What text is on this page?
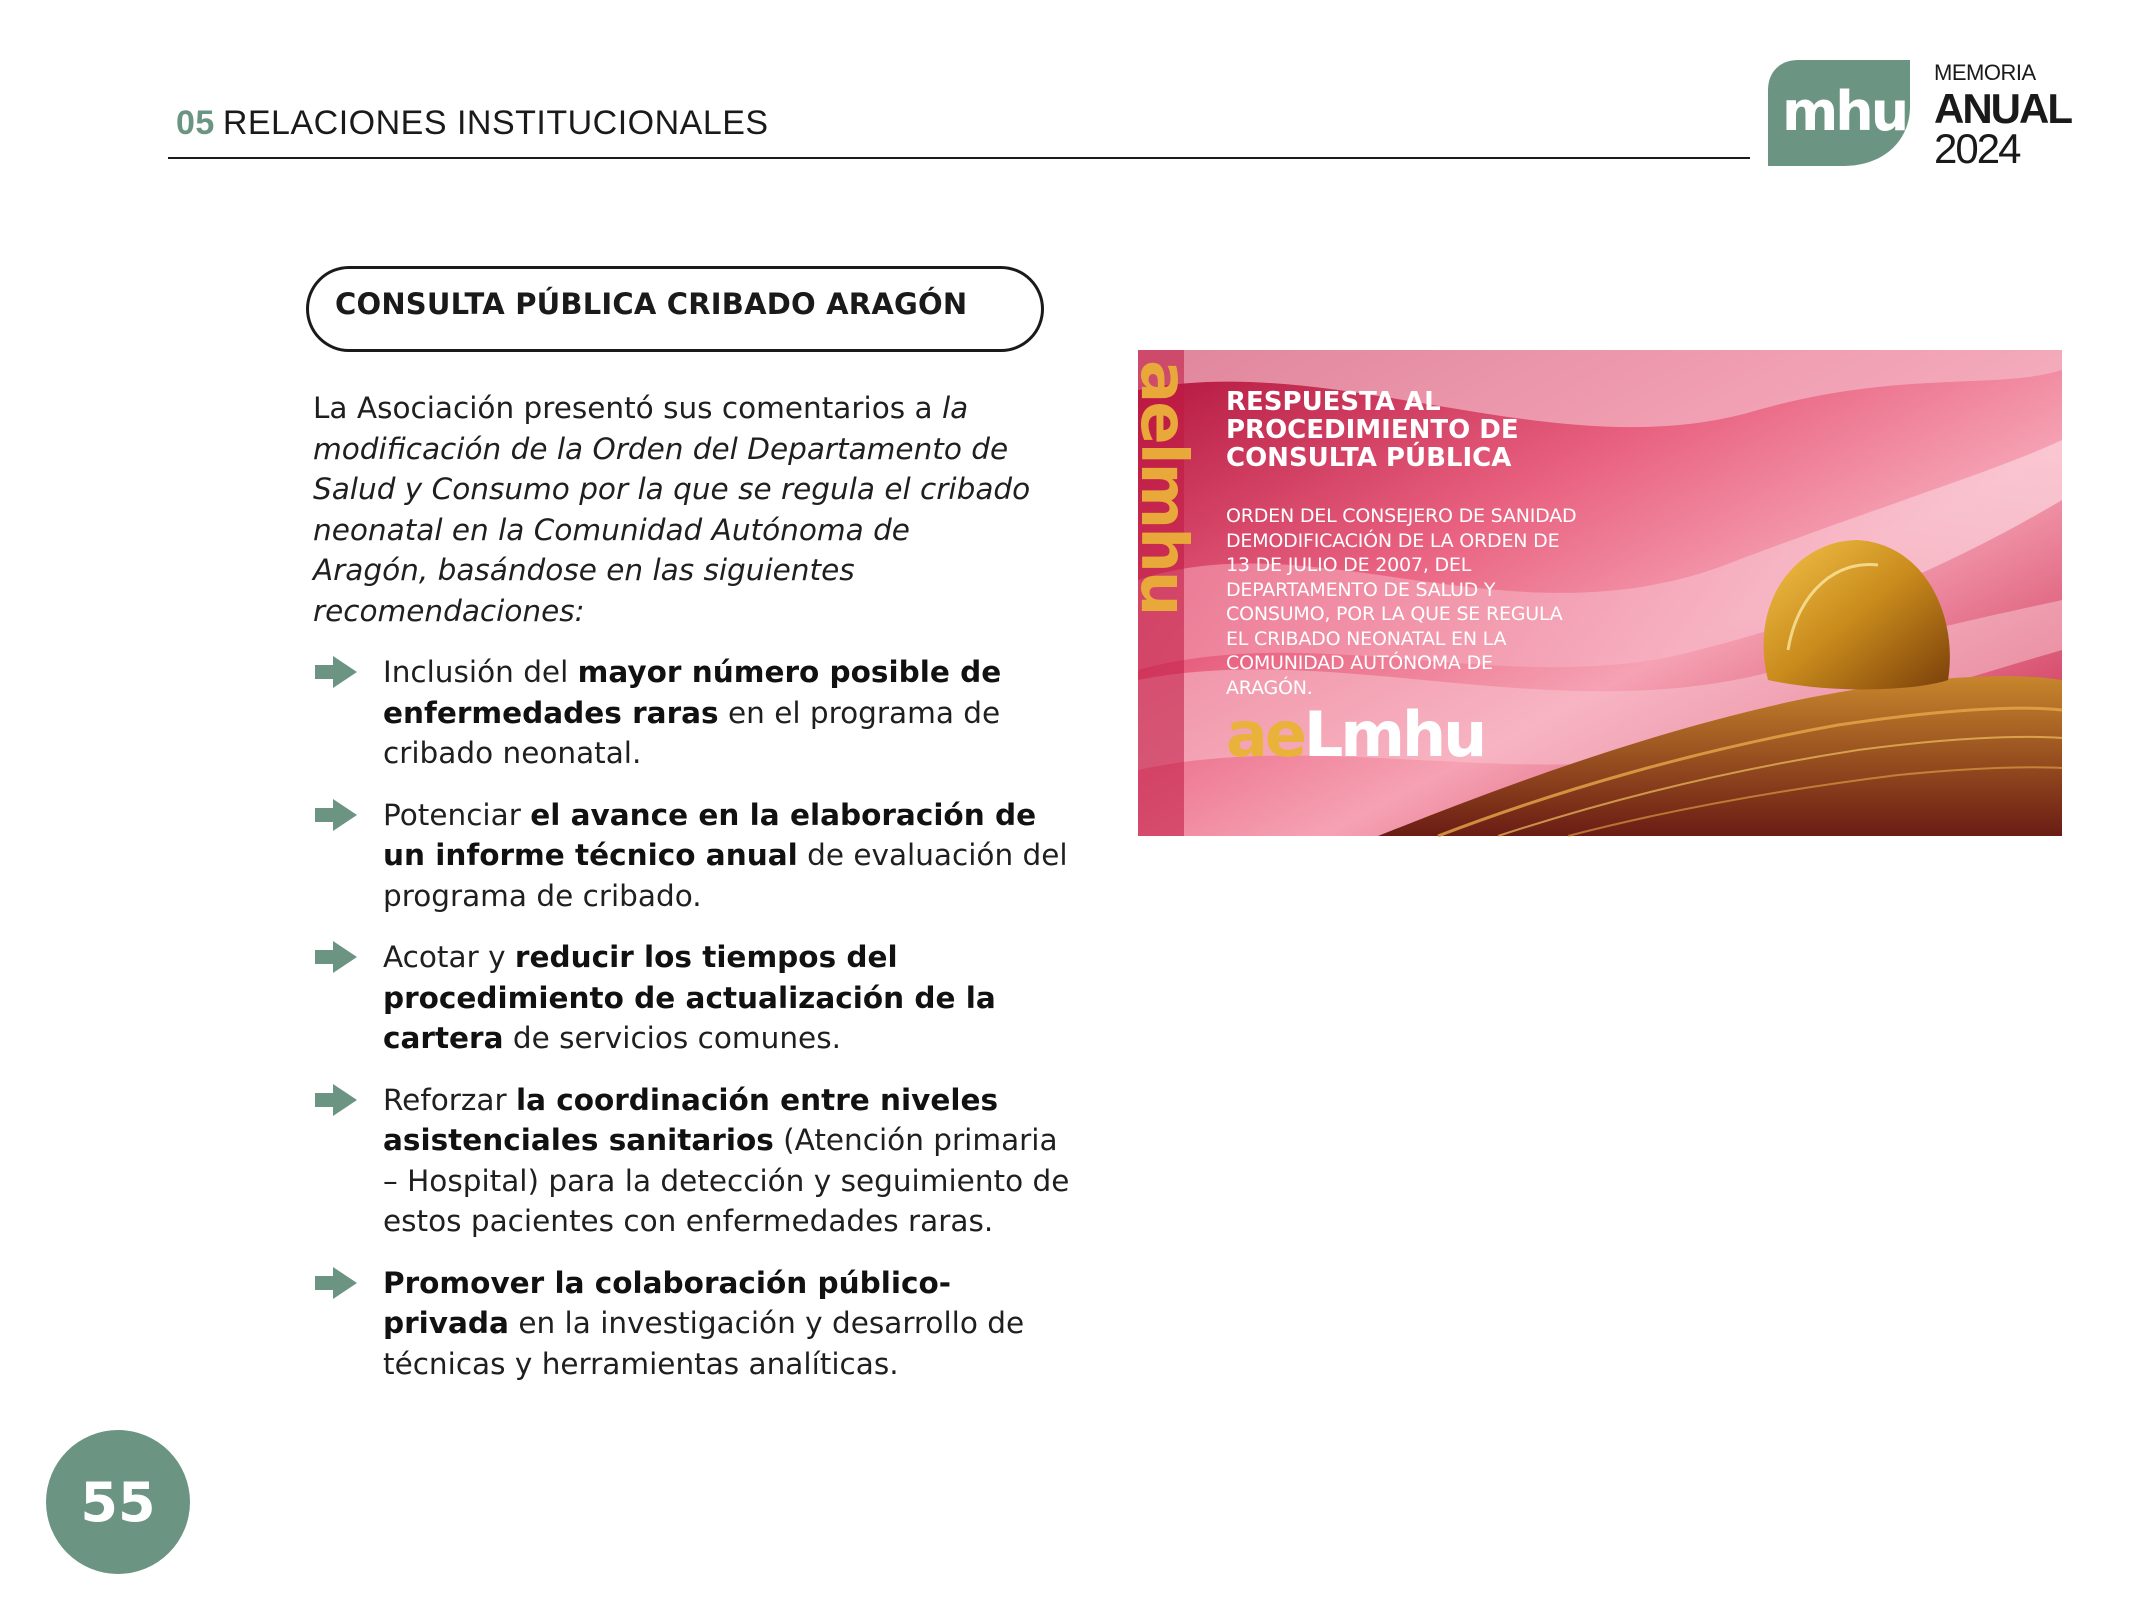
05 RELACIONES INSTITUCIONALES	mhu
MEMORIA
ANUAL
2024
CONSULTA PÚBLICA CRIBADO ARAGÓN

La Asociación presentó sus comentarios a la modificación de la Orden del Departamento de Salud y Consumo por la que se regula el cribado neonatal en la Comunidad Autónoma de Aragón, basándose en las siguientes recomendaciones:

Inclusión del mayor número posible de enfermedades raras en el programa de cribado neonatal.
Potenciar el avance en la elaboración de un informe técnico anual de evaluación del programa de cribado.
Acotar y reducir los tiempos del procedimiento de actualización de la cartera de servicios comunes.
Reforzar la coordinación entre niveles asistenciales sanitarios (Atención primaria – Hospital) para la detección y seguimiento de estos pacientes con enfermedades raras.
Promover la colaboración público-privada en la investigación y desarrollo de técnicas y herramientas analíticas.
aelmhu RESPUESTA AL
PROCEDIMIENTO DE
CONSULTA PÚBLICA
ORDEN DEL CONSEJERO DE SANIDAD
DEMODIFICACIÓN DE LA ORDEN DE
13 DE JULIO DE 2007, DEL
DEPARTAMENTO DE SALUD Y
CONSUMO, POR LA QUE SE REGULA
EL CRIBADO NEONATAL EN LA
COMUNIDAD AUTÓNOMA DE
ARAGÓN.
aeLmhu
55
